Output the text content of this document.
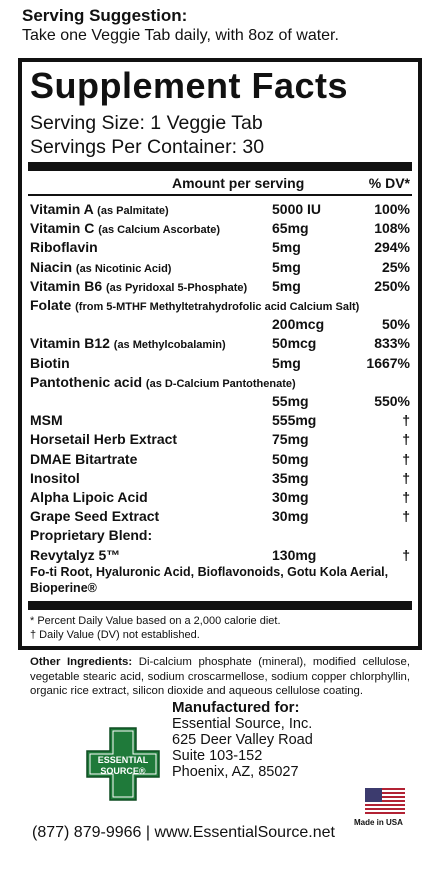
Serving Suggestion:
Take one Veggie Tab daily, with 8oz of water.
Supplement Facts
Serving Size: 1 Veggie Tab
Servings Per Container: 30
Amount per serving	% DV*
Vitamin A (as Palmitate)	5000 IU	100%
Vitamin C (as Calcium Ascorbate)	65mg	108%
Riboflavin	5mg	294%
Niacin (as Nicotinic Acid)	5mg	25%
Vitamin B6 (as Pyridoxal 5-Phosphate) 5mg	250%
Folate (from 5-MTHF Methyltetrahydrofolic acid Calcium Salt)
200mcg	50%
Vitamin B12 (as Methylcobalamin)	50mcg	833%
Biotin	5mg	1667%
Pantothenic acid (as D-Calcium Pantothenate)
55mg	550%
MSM	555mg	†
Horsetail Herb Extract	75mg	†
DMAE Bitartrate	50mg	†
Inositol	35mg	†
Alpha Lipoic Acid	30mg	†
Grape Seed Extract	30mg	†
Proprietary Blend:
Revytalyz 5™	130mg	†
Fo-ti Root, Hyaluronic Acid, Bioflavonoids, Gotu Kola Aerial,
Bioperine®
* Percent Daily Value based on a 2,000 calorie diet.
† Daily Value (DV) not established.
Other Ingredients: Di-calcium phosphate (mineral), modified cellulose, vegetable stearic acid, sodium croscarmellose, sodium copper chlorphyllin, organic rice extract, silicon dioxide and aqueous cellulose coating.
ESSENTIAL
SOURCE®
Manufactured for:
Essential Source, Inc.
625 Deer Valley Road
Suite 103-152
Phoenix, AZ, 85027
Made in USA
(877) 879-9966 | www.EssentialSource.net
